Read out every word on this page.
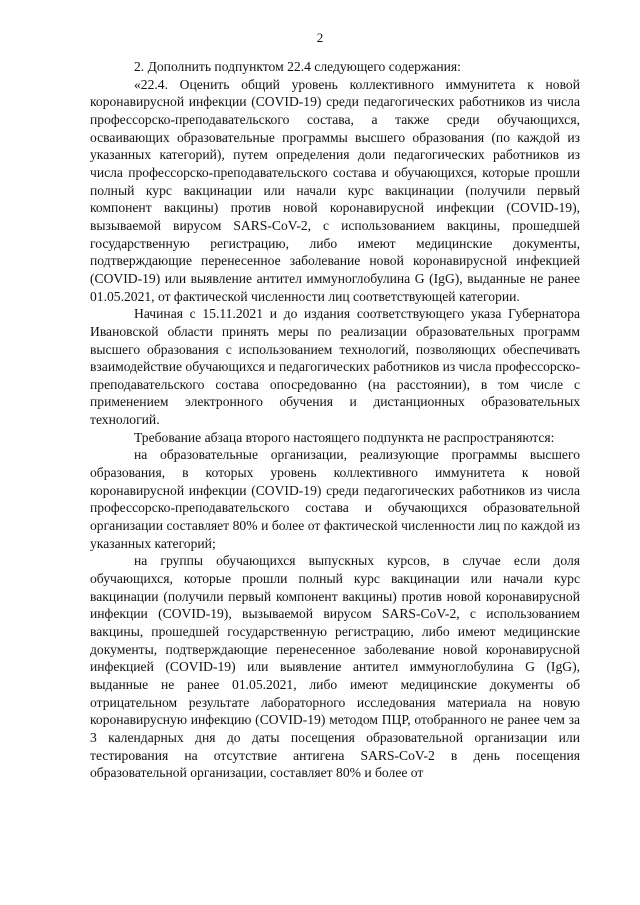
2

2. Дополнить подпунктом 22.4 следующего содержания:

«22.4. Оценить общий уровень коллективного иммунитета к новой коронавирусной инфекции (COVID-19) среди педагогических работников из числа профессорско-преподавательского состава, а также среди обучающихся, осваивающих образовательные программы высшего образования (по каждой из указанных категорий), путем определения доли педагогических работников из числа профессорско-преподавательского состава и обучающихся, которые прошли полный курс вакцинации или начали курс вакцинации (получили первый компонент вакцины) против новой коронавирусной инфекции (COVID-19), вызываемой вирусом SARS-CoV-2, с использованием вакцины, прошедшей государственную регистрацию, либо имеют медицинские документы, подтверждающие перенесенное заболевание новой коронавирусной инфекцией (COVID-19) или выявление антител иммуноглобулина G (IgG), выданные не ранее 01.05.2021, от фактической численности лиц соответствующей категории.

Начиная с 15.11.2021 и до издания соответствующего указа Губернатора Ивановской области принять меры по реализации образовательных программ высшего образования с использованием технологий, позволяющих обеспечивать взаимодействие обучающихся и педагогических работников из числа профессорско-преподавательского состава опосредованно (на расстоянии), в том числе с применением электронного обучения и дистанционных образовательных технологий.

Требование абзаца второго настоящего подпункта не распространяются:

на образовательные организации, реализующие программы высшего образования, в которых уровень коллективного иммунитета к новой коронавирусной инфекции (COVID-19) среди педагогических работников из числа профессорско-преподавательского состава и обучающихся образовательной организации составляет 80% и более от фактической численности лиц по каждой из указанных категорий;

на группы обучающихся выпускных курсов, в случае если доля обучающихся, которые прошли полный курс вакцинации или начали курс вакцинации (получили первый компонент вакцины) против новой коронавирусной инфекции (COVID-19), вызываемой вирусом SARS-CoV-2, с использованием вакцины, прошедшей государственную регистрацию, либо имеют медицинские документы, подтверждающие перенесенное заболевание новой коронавирусной инфекцией (COVID-19) или выявление антител иммуноглобулина G (IgG), выданные не ранее 01.05.2021, либо имеют медицинские документы об отрицательном результате лабораторного исследования материала на новую коронавирусную инфекцию (COVID-19) методом ПЦР, отобранного не ранее чем за 3 календарных дня до даты посещения образовательной организации или тестирования на отсутствие антигена SARS-CoV-2 в день посещения образовательной организации, составляет 80% и более от
